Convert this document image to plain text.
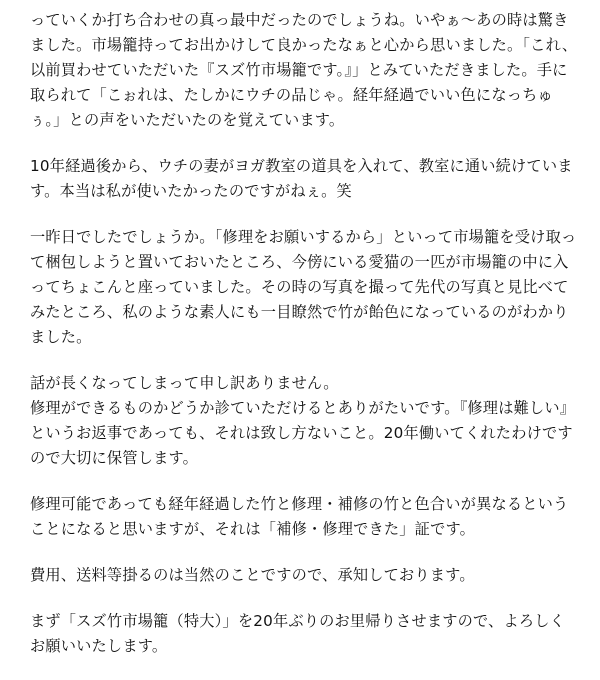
っていくか打ち合わせの真っ最中だったのでしょうね。いやぁ〜あの時は驚きました。市場籠持ってお出かけして良かったなぁと心から思いました。「これ、以前買わせていただいた『スズ竹市場籠です。』」とみていただきました。手に取られて「こぉれは、たしかにウチの品じゃ。経年経過でいい色になっちゅぅ。」との声をいただいたのを覚えています。

10年経過後から、ウチの妻がヨガ教室の道具を入れて、教室に通い続けています。本当は私が使いたかったのですがねぇ。笑

一昨日でしたでしょうか。「修理をお願いするから」といって市場籠を受け取って梱包しようと置いておいたところ、今傍にいる愛猫の一匹が市場籠の中に入ってちょこんと座っていました。その時の写真を撮って先代の写真と見比べてみたところ、私のような素人にも一目瞭然で竹が飴色になっているのがわかりました。

話が長くなってしまって申し訳ありません。

修理ができるものかどうか診ていただけるとありがたいです。『修理は難しい』というお返事であっても、それは致し方ないこと。20年働いてくれたわけですので大切に保管します。

修理可能であっても経年経過した竹と修理・補修の竹と色合いが異なるということになると思いますが、それは「補修・修理できた」証です。

費用、送料等掛るのは当然のことですので、承知しております。

まず「スズ竹市場籠（特大）」を20年ぶりのお里帰りさせますので、よろしくお願いいたします。
